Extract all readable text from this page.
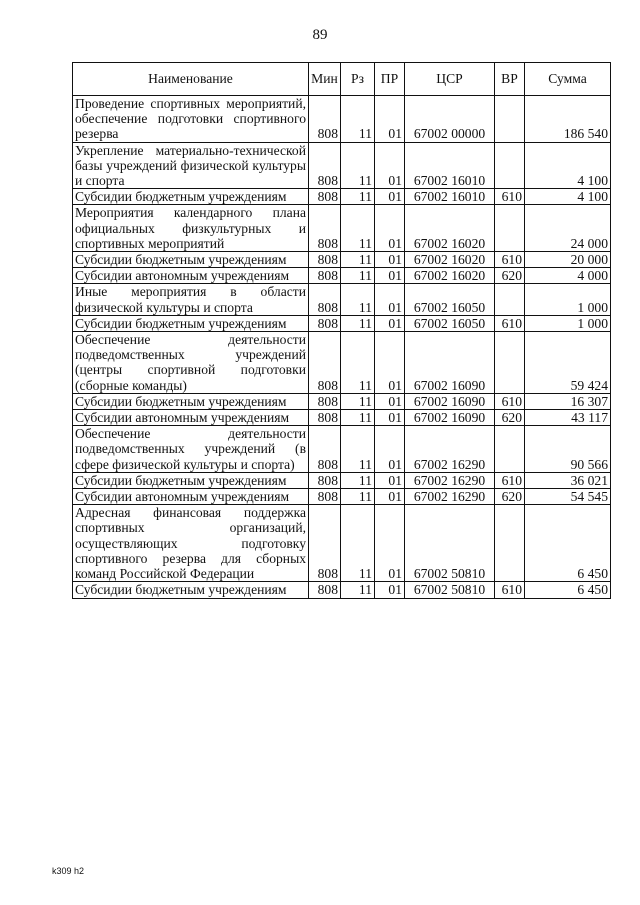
89
Наименование	Мин	Рз	ПР	ЦСР	ВР	Сумма
Проведение спортивных мероприятий, обеспечение подготовки спортивного резерва	808	11	01	67002 00000		186 540
Укрепление материально-технической базы учреждений физической культуры и спорта	808	11	01	67002 16010		4 100
Субсидии бюджетным учреждениям	808	11	01	67002 16010	610	4 100
Мероприятия календарного плана официальных физкультурных и спортивных мероприятий	808	11	01	67002 16020		24 000
Субсидии бюджетным учреждениям	808	11	01	67002 16020	610	20 000
Субсидии автономным учреждениям	808	11	01	67002 16020	620	4 000
Иные мероприятия в области физической культуры и спорта	808	11	01	67002 16050		1 000
Субсидии бюджетным учреждениям	808	11	01	67002 16050	610	1 000
Обеспечение деятельности подведомственных учреждений (центры спортивной подготовки (сборные команды)	808	11	01	67002 16090		59 424
Субсидии бюджетным учреждениям	808	11	01	67002 16090	610	16 307
Субсидии автономным учреждениям	808	11	01	67002 16090	620	43 117
Обеспечение деятельности подведомственных учреждений (в сфере физической культуры и спорта)	808	11	01	67002 16290		90 566
Субсидии бюджетным учреждениям	808	11	01	67002 16290	610	36 021
Субсидии автономным учреждениям	808	11	01	67002 16290	620	54 545
Адресная финансовая поддержка спортивных организаций, осуществляющих подготовку спортивного резерва для сборных команд Российской Федерации	808	11	01	67002 50810		6 450
Субсидии бюджетным учреждениям	808	11	01	67002 50810	610	6 450
k309 h2
